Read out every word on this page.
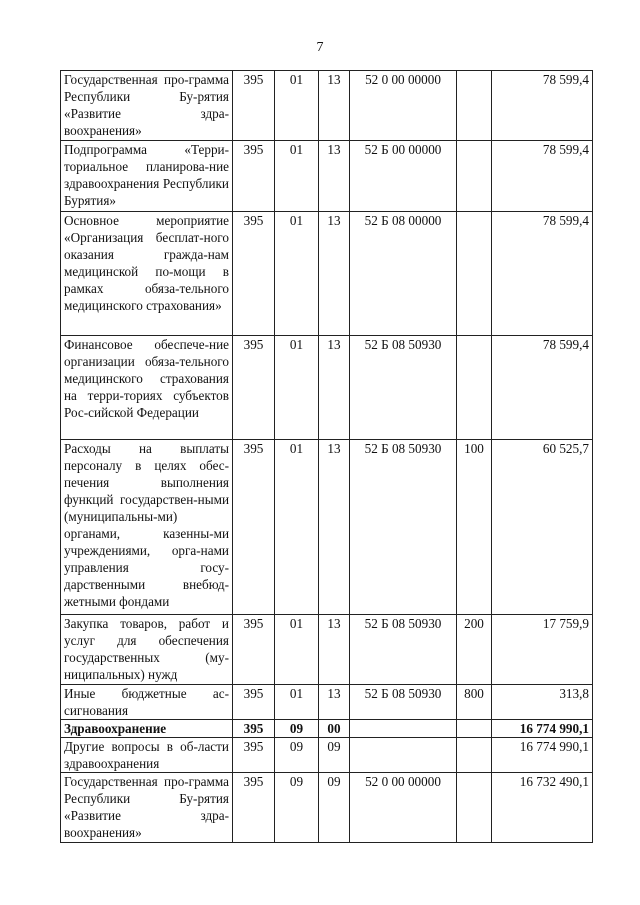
7
Государственная про-грамма Республики Бу-рятия «Развитие здра-воохранения»	395	01	13	52 0 00 00000		78 599,4
Подпрограмма «Терри-ториальное планирова-ние здравоохранения Республики Бурятия»	395	01	13	52 Б 00 00000		78 599,4
Основное мероприятие «Организация бесплат-ного оказания гражда-нам медицинской по-мощи в рамках обяза-тельного медицинского страхования»	395	01	13	52 Б 08 00000		78 599,4
Финансовое обеспече-ние организации обяза-тельного медицинского страхования на терри-ториях субъектов Рос-сийской Федерации	395	01	13	52 Б 08 50930		78 599,4
Расходы на выплаты персоналу в целях обес-печения выполнения функций государствен-ными (муниципальны-ми) органами, казенны-ми учреждениями, орга-нами управления госу-дарственными внебюд-жетными фондами	395	01	13	52 Б 08 50930	100	60 525,7
Закупка товаров, работ и услуг для обеспечения государственных (му-ниципальных) нужд	395	01	13	52 Б 08 50930	200	17 759,9
Иные бюджетные ас-сигнования	395	01	13	52 Б 08 50930	800	313,8
Здравоохранение	395	09	00			16 774 990,1
Другие вопросы в об-ласти здравоохранения	395	09	09			16 774 990,1
Государственная про-грамма Республики Бу-рятия «Развитие здра-воохранения»	395	09	09	52 0 00 00000		16 732 490,1
